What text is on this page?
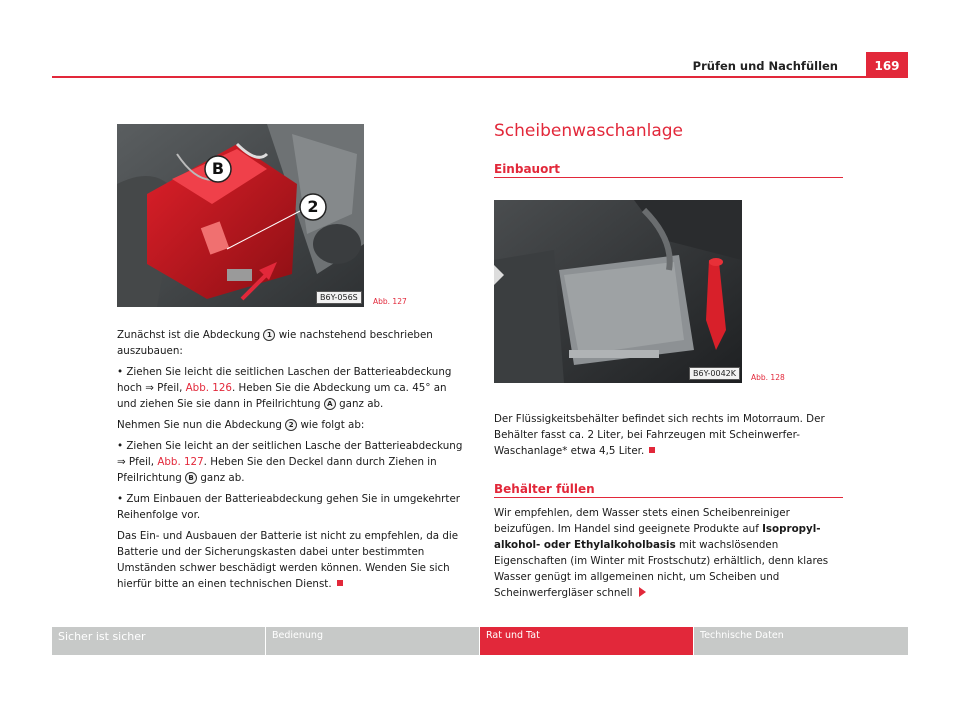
Prüfen und Nachfüllen	169
B
2
B6Y-056S	Abb. 127

Zunächst ist die Abdeckung 1 wie nachstehend beschrieben auszubauen:

• Ziehen Sie leicht die seitlichen Laschen der Batterieabdeckung hoch ⇒ Pfeil, Abb. 126. Heben Sie die Abdeckung um ca. 45° an und ziehen Sie sie dann in Pfeilrichtung A ganz ab.

Nehmen Sie nun die Abdeckung 2 wie folgt ab:

• Ziehen Sie leicht an der seitlichen Lasche der Batterieabdeckung ⇒ Pfeil, Abb. 127. Heben Sie den Deckel dann durch Ziehen in Pfeilrichtung B ganz ab.

• Zum Einbauen der Batterieabdeckung gehen Sie in umgekehrter Reihenfolge vor.

Das Ein- und Ausbauen der Batterie ist nicht zu empfehlen, da die Batterie und der Sicherungskasten dabei unter bestimmten Umständen schwer beschädigt werden können. Wenden Sie sich hierfür bitte an einen technischen Dienst.

Scheibenwaschanlage
Einbauort
B6Y-0042K	Abb. 128

Der Flüssigkeitsbehälter befindet sich rechts im Motorraum. Der Behälter fasst ca. 2 Liter, bei Fahrzeugen mit Scheinwerfer-Waschanlage* etwa 4,5 Liter.

Behälter füllen

Wir empfehlen, dem Wasser stets einen Scheibenreiniger beizufügen. Im Handel sind geeignete Produkte auf Isopropyl-alkohol- oder Ethylalkoholbasis mit wachslösenden Eigenschaften (im Winter mit Frostschutz) erhältlich, denn klares Wasser genügt im allgemeinen nicht, um Scheiben und Scheinwerfergläser schnell

Sicher ist sicher	Bedienung	Rat und Tat	Technische Daten
